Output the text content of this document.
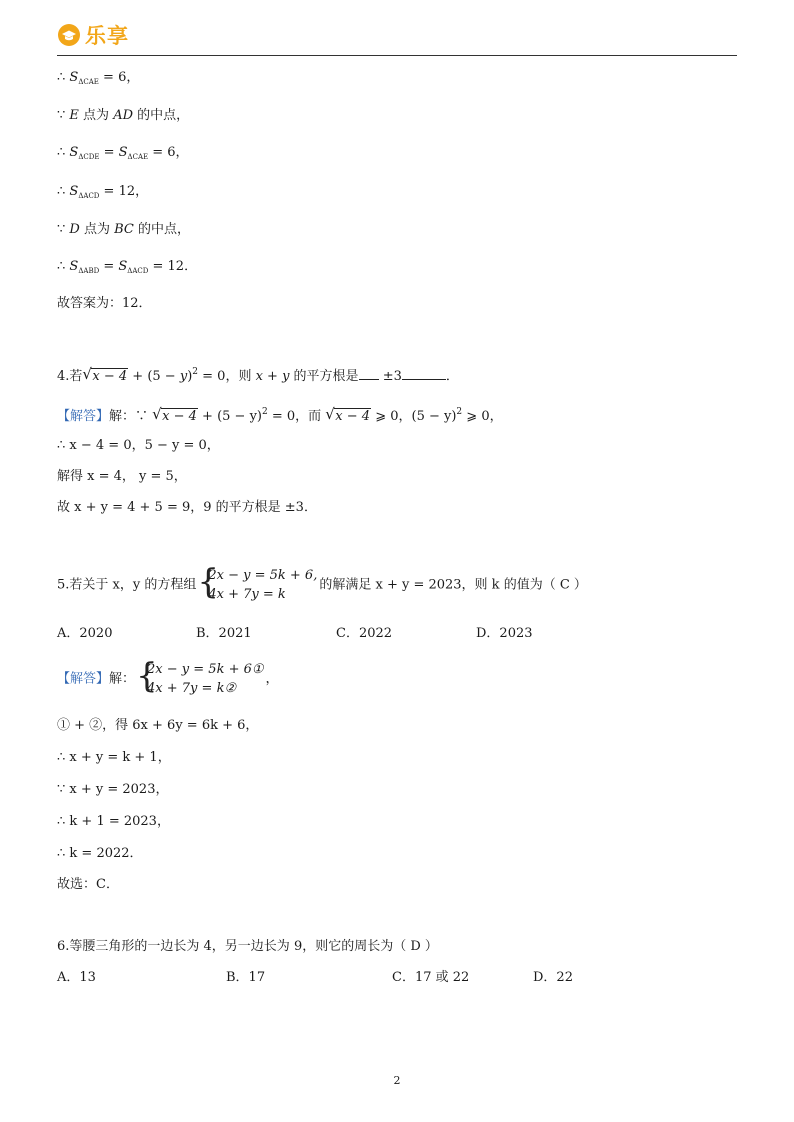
乐享
∴ $S_{\Delta CAE} = 6$，
∵ E 点为 AD 的中点，
∴ $S_{\Delta CDE} = S_{\Delta CAE} = 6$，
∴ $S_{\Delta ACD} = 12$，
∵ D 点为 BC 的中点，
∴ $S_{\Delta ABD} = S_{\Delta ACD} = 12$．
故答案为：12．
4.若 √ $x - 4 + (5 - y)^2 = 0$，则 x + y 的平方根是 ±3	．
【解答】解：∵ √ $x - 4 + (5 - y)^2 = 0$，而 √ x − 4 ⩾ 0，$(5 - y)^2$ ⩾ 0，
∴ x − 4 = 0，5 − y = 0，
解得 x = 4， y = 5，
故 x + y = 4 + 5 = 9，9 的平方根是 ±3．
5.若关于 x，y 的方程组 {
2x − y = 5k + 6,
4x + 7y = k
的解满足 x + y = 2023，则 k 的值为（ C ）
A．2020	B．2021	C．2022	D．2023
【解答】解： {
2x − y = 5k + 6①
4x + 7y = k②
，
① + ②，得 6x + 6y = 6k + 6，
∴ x + y = k + 1，
∵ x + y = 2023，
∴ k + 1 = 2023，
∴ k = 2022．
故选：C．
6.等腰三角形的一边长为 4，另一边长为 9，则它的周长为（ D ）
A．13	B．17	C．17 或 22	D．22
2
